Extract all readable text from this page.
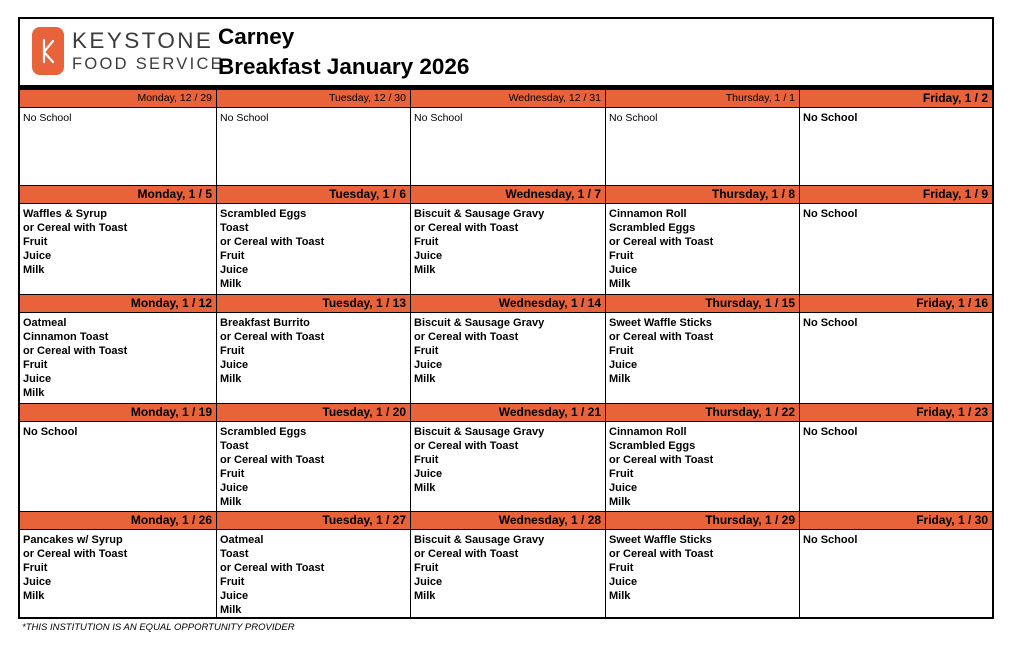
KEYSTONE
FOOD SERVICE
Carney
Breakfast January 2026
Monday, 12 / 29
No School
Tuesday, 12 / 30
No School
Wednesday, 12 / 31
No School
Thursday, 1 / 1
No School
Friday, 1 / 2
No School
Monday, 1 / 5
Waffles & Syrup
or Cereal with Toast
Fruit
Juice
Milk
Tuesday, 1 / 6
Scrambled Eggs
Toast
or Cereal with Toast
Fruit
Juice
Milk
Wednesday, 1 / 7
Biscuit & Sausage Gravy
or Cereal with Toast
Fruit
Juice
Milk
Thursday, 1 / 8
Cinnamon Roll
Scrambled Eggs
or Cereal with Toast
Fruit
Juice
Milk
Friday, 1 / 9
No School
Monday, 1 / 12
Oatmeal
Cinnamon Toast
or Cereal with Toast
Fruit
Juice
Milk
Tuesday, 1 / 13
Breakfast Burrito
or Cereal with Toast
Fruit
Juice
Milk
Wednesday, 1 / 14
Biscuit & Sausage Gravy
or Cereal with Toast
Fruit
Juice
Milk
Thursday, 1 / 15
Sweet Waffle Sticks
or Cereal with Toast
Fruit
Juice
Milk
Friday, 1 / 16
No School
Monday, 1 / 19
No School
Tuesday, 1 / 20
Scrambled Eggs
Toast
or Cereal with Toast
Fruit
Juice
Milk
Wednesday, 1 / 21
Biscuit & Sausage Gravy
or Cereal with Toast
Fruit
Juice
Milk
Thursday, 1 / 22
Cinnamon Roll
Scrambled Eggs
or Cereal with Toast
Fruit
Juice
Milk
Friday, 1 / 23
No School
Monday, 1 / 26
Pancakes w/ Syrup
or Cereal with Toast
Fruit
Juice
Milk
Tuesday, 1 / 27
Oatmeal
Toast
or Cereal with Toast
Fruit
Juice
Milk
Wednesday, 1 / 28
Biscuit & Sausage Gravy
or Cereal with Toast
Fruit
Juice
Milk
Thursday, 1 / 29
Sweet Waffle Sticks
or Cereal with Toast
Fruit
Juice
Milk
Friday, 1 / 30
No School
*THIS INSTITUTION IS AN EQUAL OPPORTUNITY PROVIDER
